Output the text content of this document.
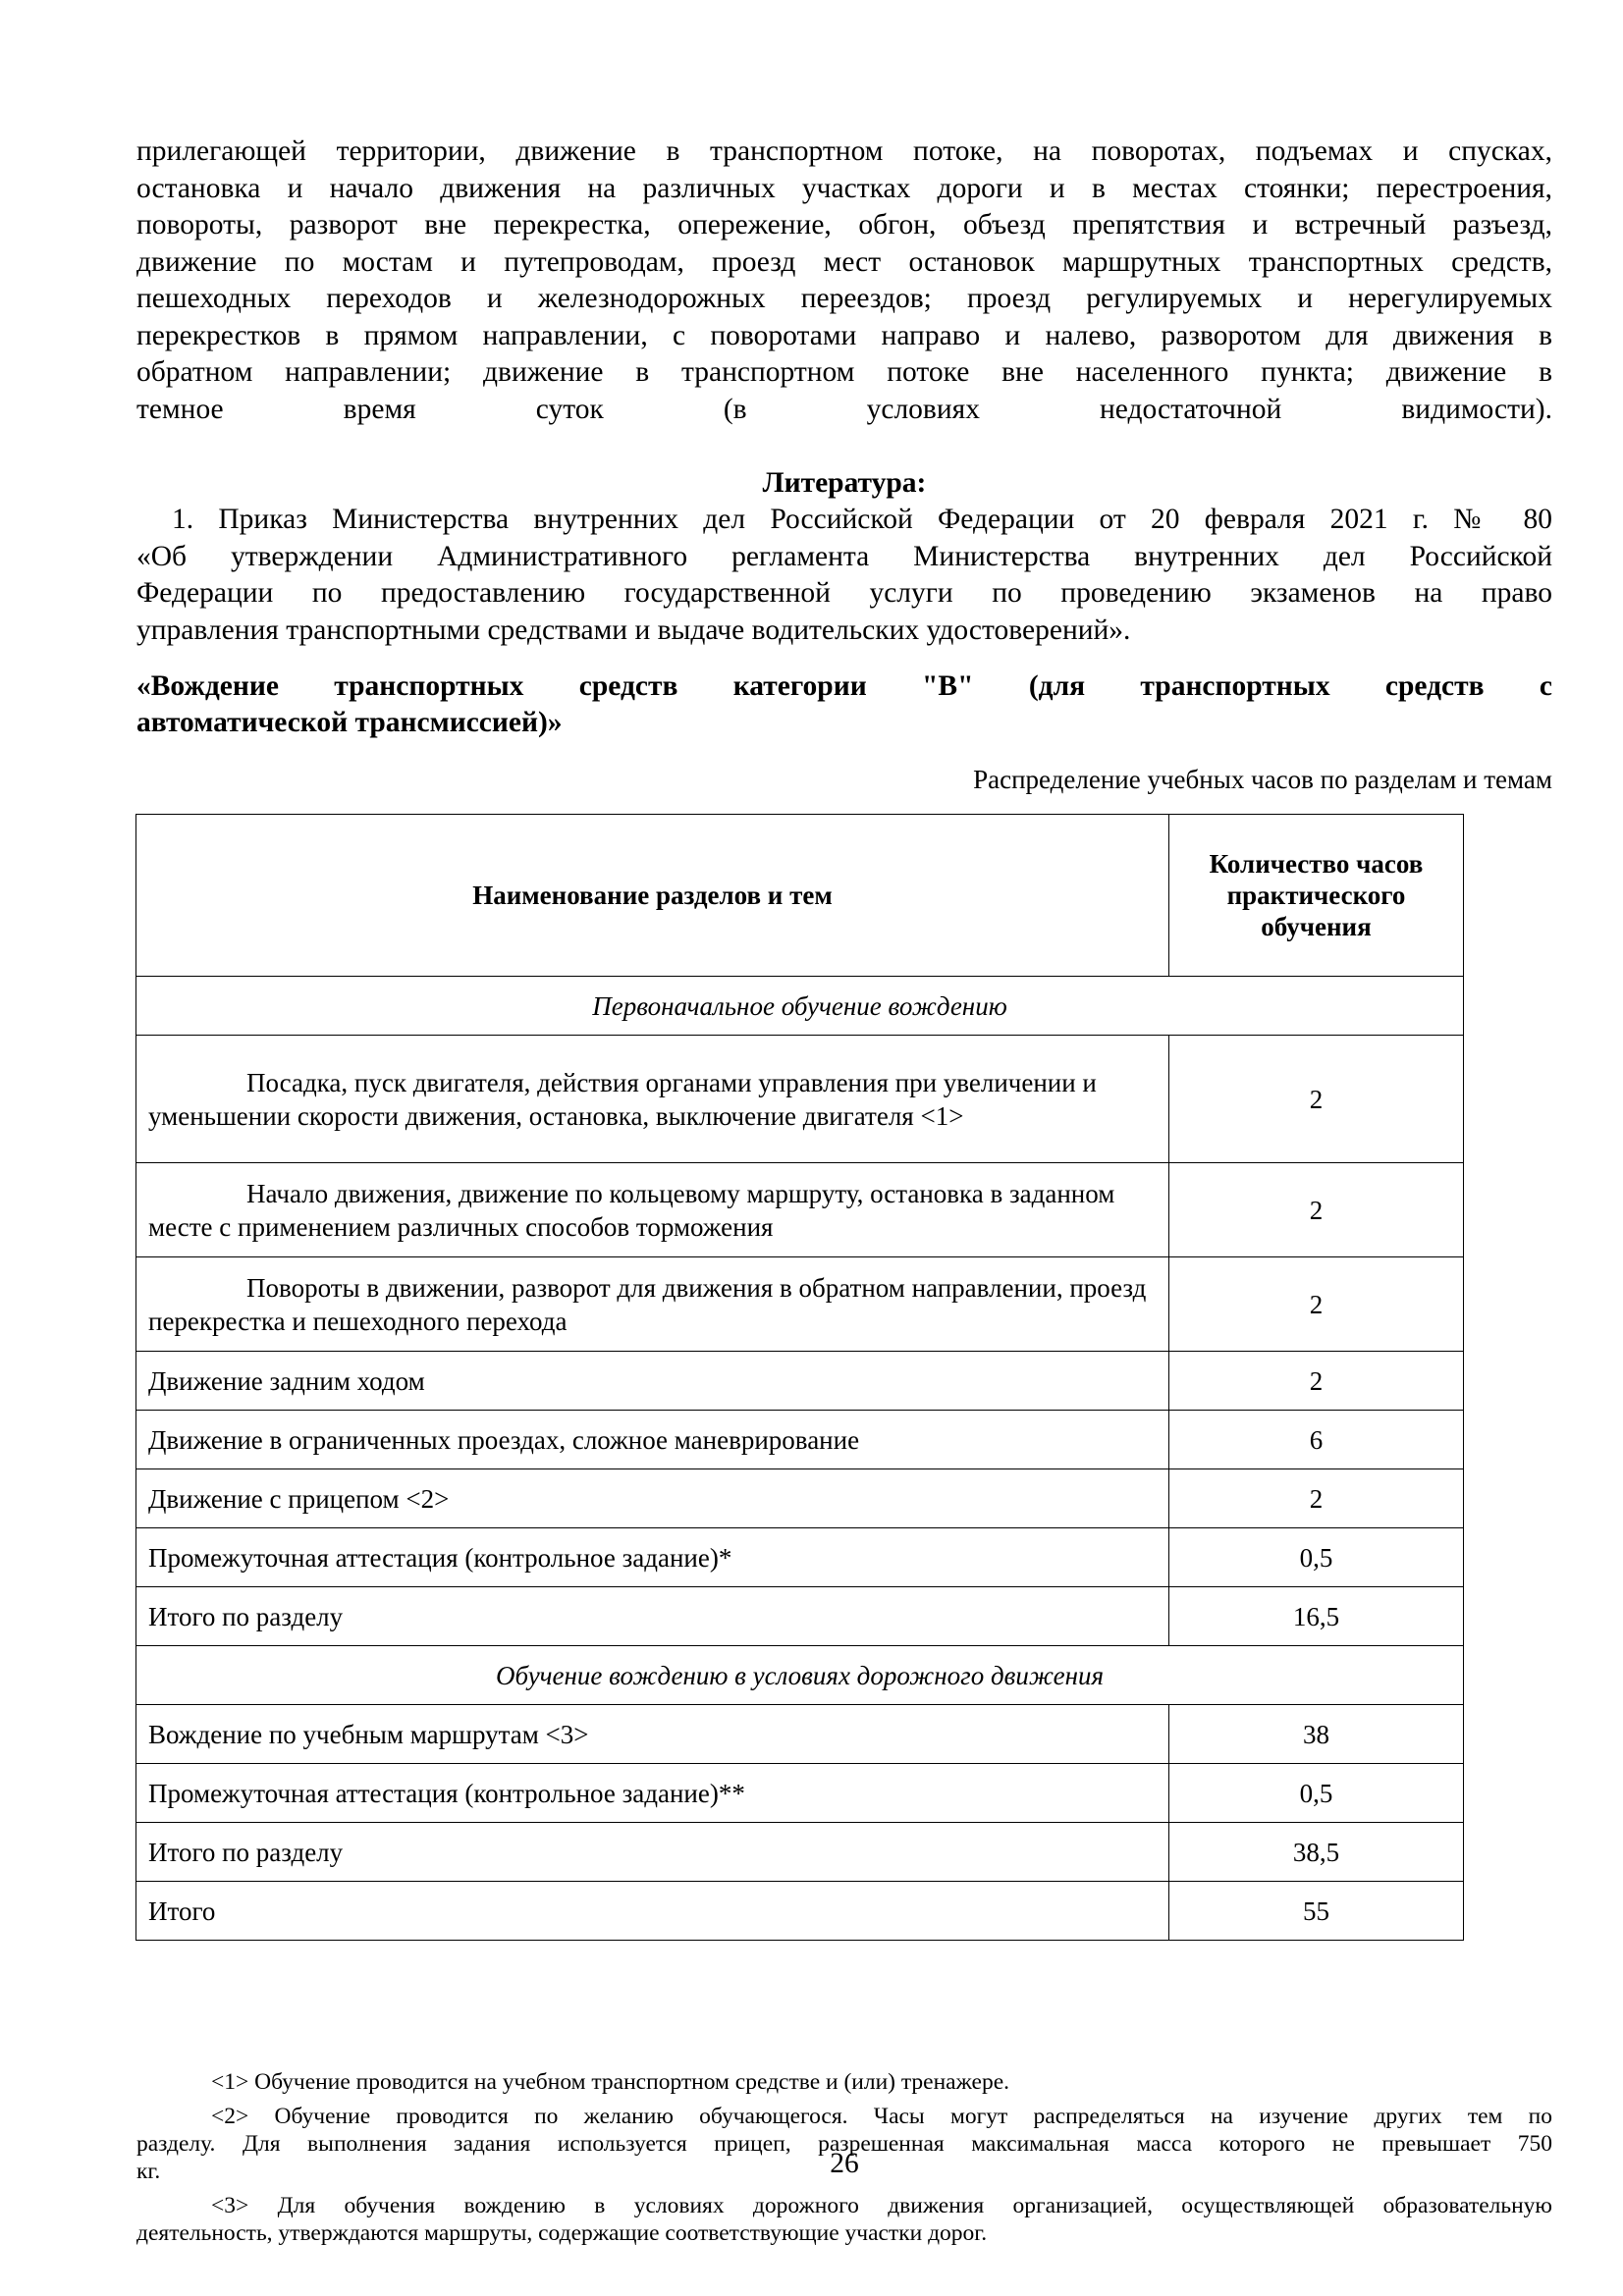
прилегающей территории, движение в транспортном потоке, на поворотах, подъемах и спусках,
остановка и начало движения на различных участках дороги и в местах стоянки; перестроения,
повороты, разворот вне перекрестка, опережение, обгон, объезд препятствия и встречный разъезд,
движение по мостам и путепроводам, проезд мест остановок маршрутных транспортных средств,
пешеходных переходов и железнодорожных переездов; проезд регулируемых и нерегулируемых
перекрестков в прямом направлении, с поворотами направо и налево, разворотом для движения в
обратном направлении; движение в транспортном потоке вне населенного пункта; движение в
темное время суток (в условиях недостаточной видимости).
Литература:
1. Приказ Министерства внутренних дел Российской Федерации от 20 февраля 2021 г. № 80
«Об утверждении Административного регламента Министерства внутренних дел Российской
Федерации по предоставлению государственной услуги по проведению экзаменов на право
управления транспортными средствами и выдаче водительских удостоверений».
«Вождение транспортных средств категории "B" (для транспортных средств с
автоматической трансмиссией)»
Распределение учебных часов по разделам и темам
Наименование разделов и тем	Количество часов практического обучения
Первоначальное обучение вождению	

Посадка, пуск двигателя, действия органами управления при увеличении и уменьшении скорости движения, остановка, выключение двигателя <1>	2

Начало движения, движение по кольцевому маршруту, остановка в заданном месте с применением различных способов торможения	2

Повороты в движении, разворот для движения в обратном направлении, проезд перекрестка и пешеходного перехода	2
Движение задним ходом	2
Движение в ограниченных проездах, сложное маневрирование	6
Движение с прицепом <2>	2
Промежуточная аттестация (контрольное задание)*	0,5
Итого по разделу	16,5
Обучение вождению в условиях дорожного движения	
Вождение по учебным маршрутам <3>	38
Промежуточная аттестация (контрольное задание)**	0,5
Итого по разделу	38,5
Итого	55

<1> Обучение проводится на учебном транспортном средстве и (или) тренажере.

<2> Обучение проводится по желанию обучающегося. Часы могут распределяться на изучение других тем по
разделу. Для выполнения задания используется прицеп, разрешенная максимальная масса которого не превышает 750
кг.
<3> Для обучения вождению в условиях дорожного движения организацией, осуществляющей образовательную
деятельность, утверждаются маршруты, содержащие соответствующие участки дорог.
26
